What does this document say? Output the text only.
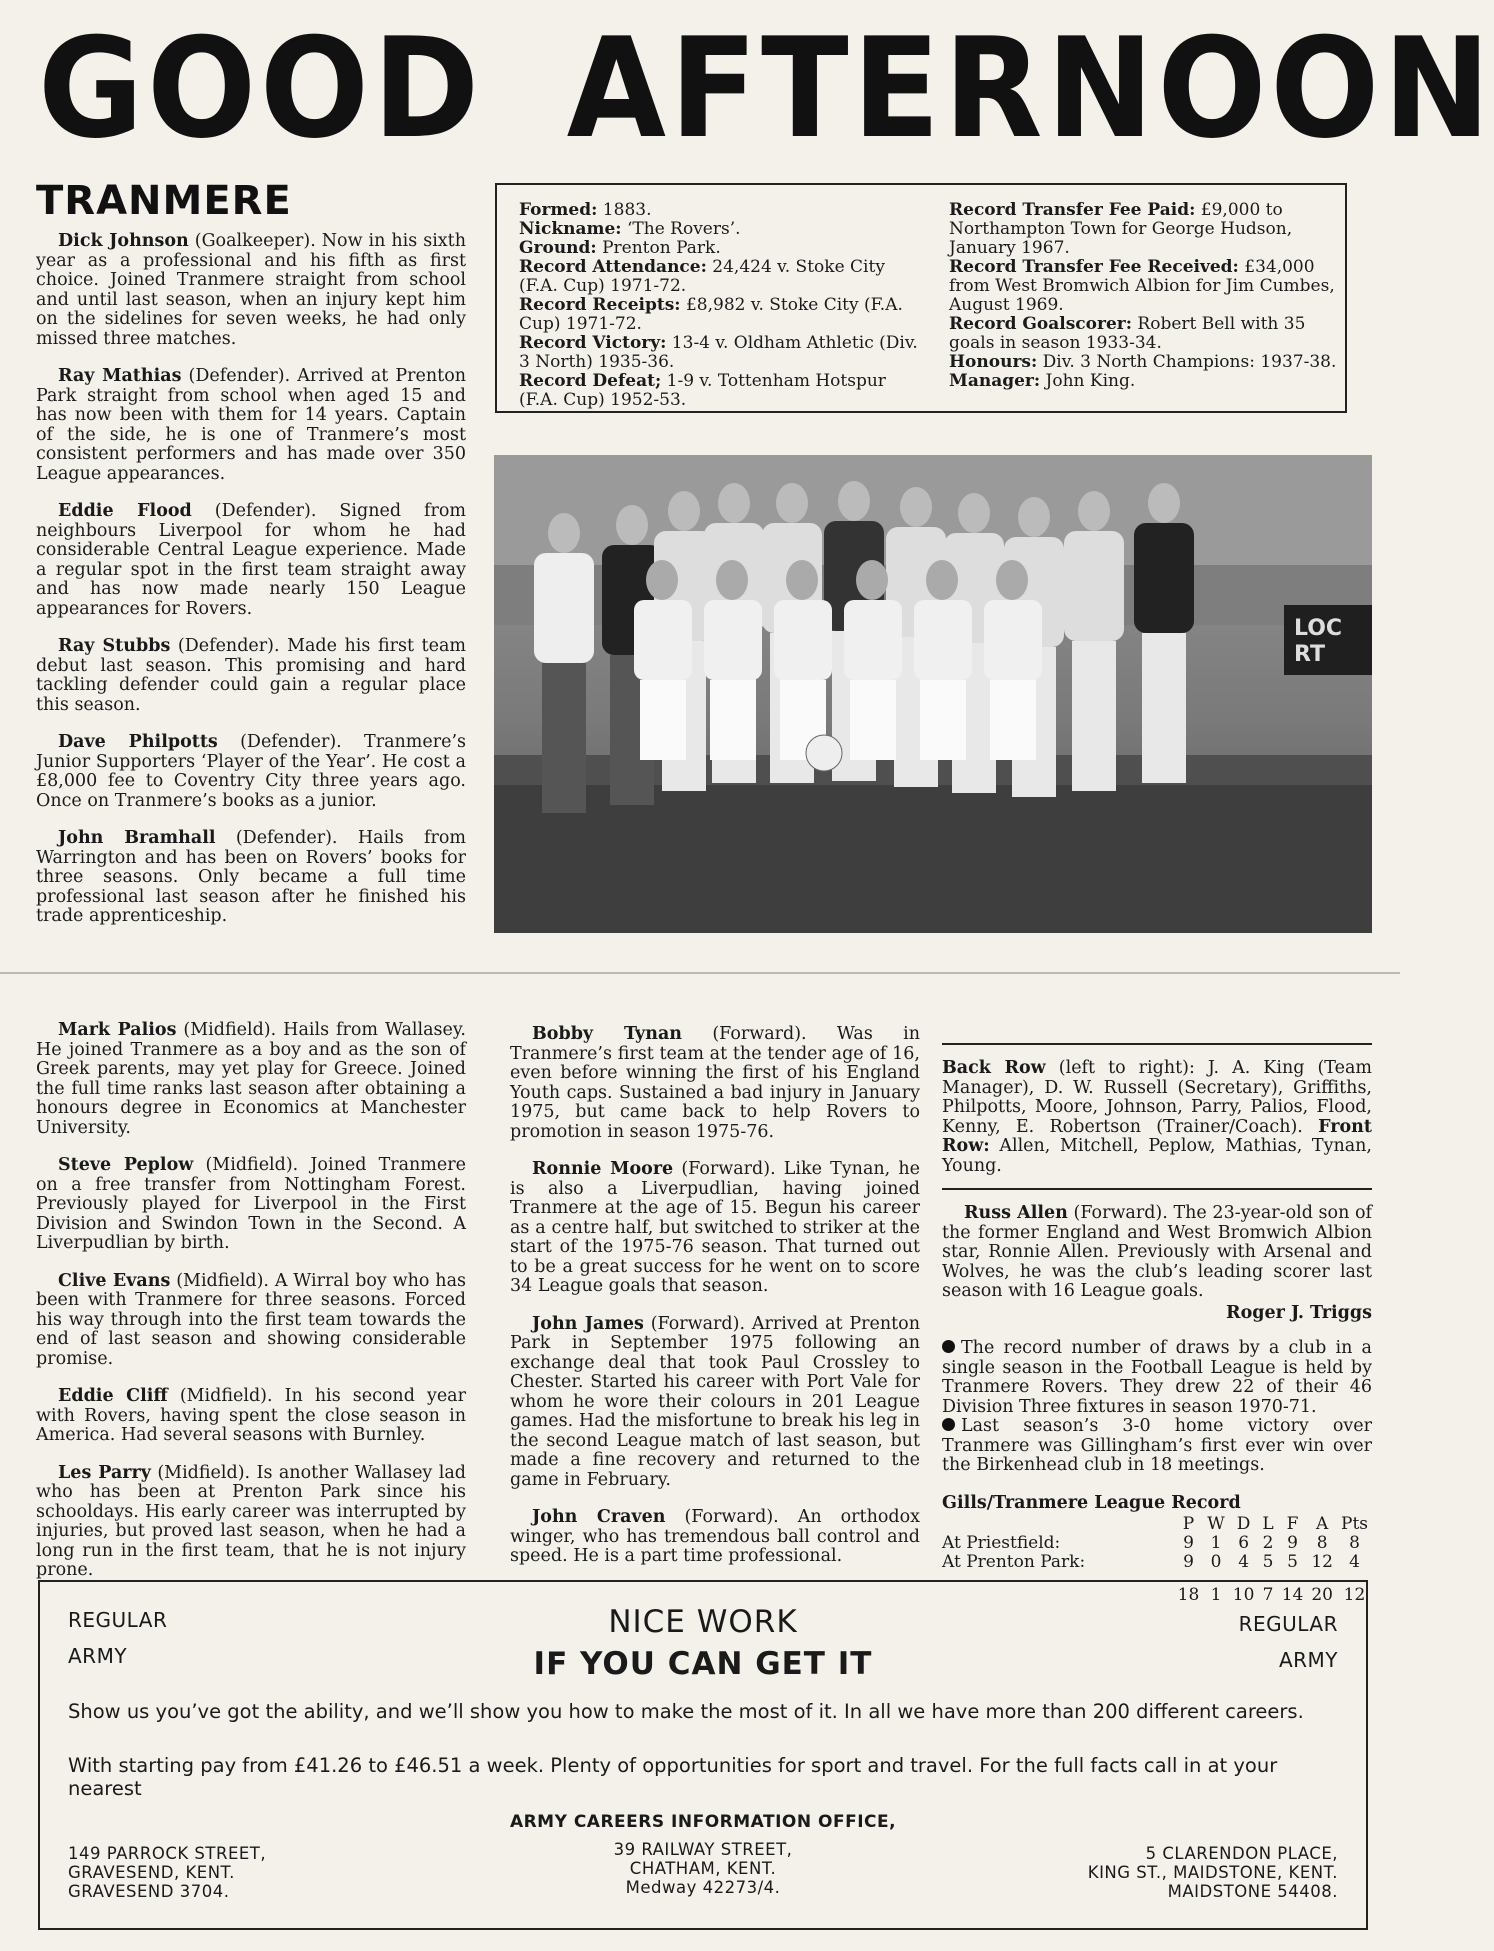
GOOD AFTERNOON
TRANMERE

Dick Johnson (Goalkeeper). Now in his sixth year as a professional and his fifth as first choice. Joined Tranmere straight from school and until last season, when an injury kept him on the sidelines for seven weeks, he had only missed three matches.

Ray Mathias (Defender). Arrived at Prenton Park straight from school when aged 15 and has now been with them for 14 years. Captain of the side, he is one of Tranmere’s most consistent performers and has made over 350 League appearances.

Eddie Flood (Defender). Signed from neighbours Liverpool for whom he had considerable Central League experience. Made a regular spot in the first team straight away and has now made nearly 150 League appearances for Rovers.

Ray Stubbs (Defender). Made his first team debut last season. This promising and hard tackling defender could gain a regular place this season.

Dave Philpotts (Defender). Tranmere’s Junior Supporters ‘Player of the Year’. He cost a £8,000 fee to Coventry City three years ago. Once on Tranmere’s books as a junior.

John Bramhall (Defender). Hails from Warrington and has been on Rovers’ books for three seasons. Only became a full time professional last season after he finished his trade apprenticeship.

Formed: 1883.
Nickname: ‘The Rovers’.
Ground: Prenton Park.
Record Attendance: 24,424 v. Stoke City (F.A. Cup) 1971-72.
Record Receipts: £8,982 v. Stoke City (F.A. Cup) 1971-72.
Record Victory: 13-4 v. Oldham Athletic (Div. 3 North) 1935-36.
Record Defeat; 1-9 v. Tottenham Hotspur (F.A. Cup) 1952-53.
Record Transfer Fee Paid: £9,000 to Northampton Town for George Hudson, January 1967.
Record Transfer Fee Received: £34,000 from West Bromwich Albion for Jim Cumbes, August 1969.
Record Goalscorer: Robert Bell with 35 goals in season 1933-34.
Honours: Div. 3 North Champions: 1937-38.
Manager: John King.
LOC
RT

Mark Palios (Midfield). Hails from Wallasey. He joined Tranmere as a boy and as the son of Greek parents, may yet play for Greece. Joined the full time ranks last season after obtaining a honours degree in Economics at Manchester University.

Steve Peplow (Midfield). Joined Tranmere on a free transfer from Nottingham Forest. Previously played for Liverpool in the First Division and Swindon Town in the Second. A Liverpudlian by birth.

Clive Evans (Midfield). A Wirral boy who has been with Tranmere for three seasons. Forced his way through into the first team towards the end of last season and showing considerable promise.

Eddie Cliff (Midfield). In his second year with Rovers, having spent the close season in America. Had several seasons with Burnley.

Les Parry (Midfield). Is another Wallasey lad who has been at Prenton Park since his schooldays. His early career was interrupted by injuries, but proved last season, when he had a long run in the first team, that he is not injury prone.

Bobby Tynan (Forward). Was in Tranmere’s first team at the tender age of 16, even before winning the first of his England Youth caps. Sustained a bad injury in January 1975, but came back to help Rovers to promotion in season 1975-76.

Ronnie Moore (Forward). Like Tynan, he is also a Liverpudlian, having joined Tranmere at the age of 15. Begun his career as a centre half, but switched to striker at the start of the 1975-76 season. That turned out to be a great success for he went on to score 34 League goals that season.

John James (Forward). Arrived at Prenton Park in September 1975 following an exchange deal that took Paul Crossley to Chester. Started his career with Port Vale for whom he wore their colours in 201 League games. Had the misfortune to break his leg in the second League match of last season, but made a fine recovery and returned to the game in February.

John Craven (Forward). An orthodox winger, who has tremendous ball control and speed. He is a part time professional.

Back Row (left to right): J. A. King (Team Manager), D. W. Russell (Secretary), Griffiths, Philpotts, Moore, Johnson, Parry, Palios, Flood, Kenny, E. Robertson (Trainer/Coach). Front Row: Allen, Mitchell, Peplow, Mathias, Tynan, Young.

Russ Allen (Forward). The 23-year-old son of the former England and West Bromwich Albion star, Ronnie Allen. Previously with Arsenal and Wolves, he was the club’s leading scorer last season with 16 League goals.

Roger J. Triggs

The record number of draws by a club in a single season in the Football League is held by Tranmere Rovers. They drew 22 of their 46 Division Three fixtures in season 1970-71.

Last season’s 3-0 home victory over Tranmere was Gillingham’s first ever win over the Birkenhead club in 18 meetings.

Gills/Tranmere League Record
	P	W	D	L	F	A	Pts
At Priestfield:	9	1	6	2	9	8	8
At Prenton Park:	9	0	4	5	5	12	4
	18	1	10	7	14	20	12
REGULAR
ARMY
REGULAR
ARMY
NICE WORK
IF YOU CAN GET IT
Show us you’ve got the ability, and we’ll show you how to make the most of it. In all we have more than 200 different careers.
With starting pay from £41.26 to £46.51 a week. Plenty of opportunities for sport and travel. For the full facts call in at your nearest
ARMY CAREERS INFORMATION OFFICE,
149 PARROCK STREET,
GRAVESEND, KENT.
GRAVESEND 3704.
39 RAILWAY STREET,
CHATHAM, KENT.
Medway 42273/4.
5 CLARENDON PLACE,
KING ST., MAIDSTONE, KENT.
MAIDSTONE 54408.
